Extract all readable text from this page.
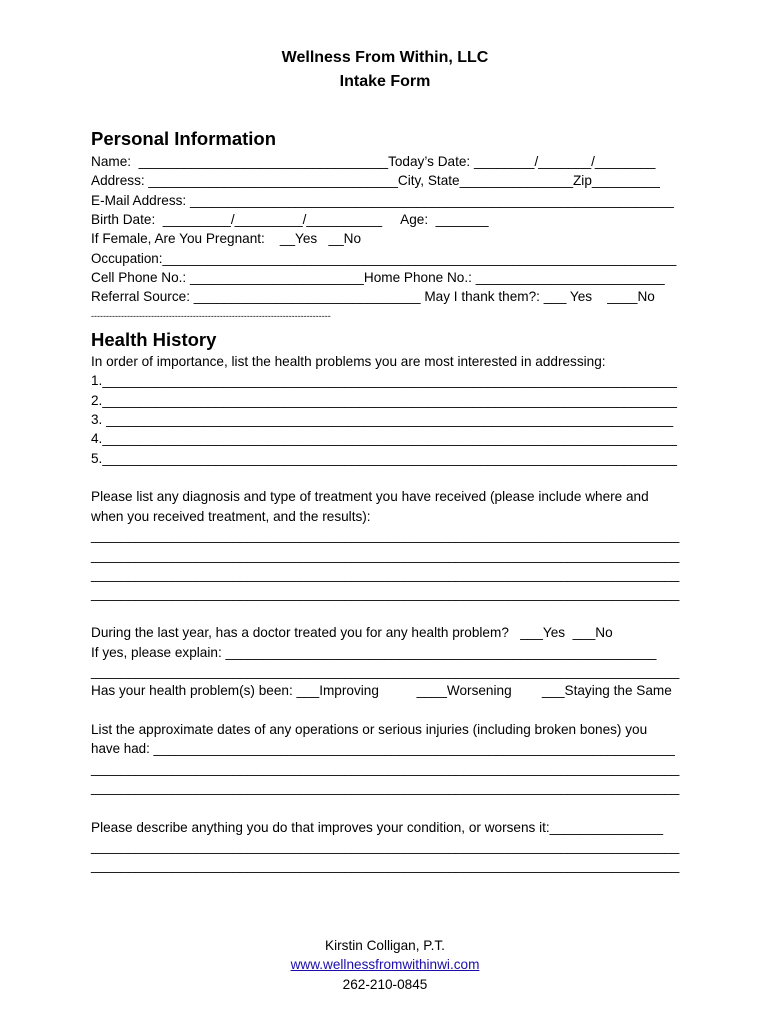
Wellness From Within, LLC
Intake Form
Personal Information
Name:  _________________________________Today’s Date: ________/_______/________
Address: _________________________________City, State_______________Zip_________
E-Mail Address: ________________________________________________________________
Birth Date:  _________/_________/__________     Age:  _______
If Female, Are You Pregnant:    __Yes   __No
Occupation:_____________________________________________________________________
Cell Phone No.: _______________________Home Phone No.: _________________________
Referral Source: ______________________________ May I thank them?: ___ Yes    ____No
--------------------------------------------------------------------------------
Health History
In order of importance, list the health problems you are most interested in addressing:
1.____________________________________________________________________________
2.____________________________________________________________________________
3. ___________________________________________________________________________
4.____________________________________________________________________________
5.____________________________________________________________________________
Please list any diagnosis and type of treatment you have received (please include where and
when you received treatment, and the results):
_______________________________________________________________________________
_______________________________________________________________________________
_______________________________________________________________________________
_______________________________________________________________________________
During the last year, has a doctor treated you for any health problem?   ___Yes  ___No
If yes, please explain: _________________________________________________________
_______________________________________________________________________________
Has your health problem(s) been: ___Improving          ____Worsening        ___Staying the Same
List the approximate dates of any operations or serious injuries (including broken bones) you
have had: ______________________________________________________________________
_______________________________________________________________________________
_______________________________________________________________________________
Please describe anything you do that improves your condition, or worsens it:_______________
_______________________________________________________________________________
_______________________________________________________________________________
Kirstin Colligan, P.T.
www.wellnessfromwithinwi.com
262-210-0845
